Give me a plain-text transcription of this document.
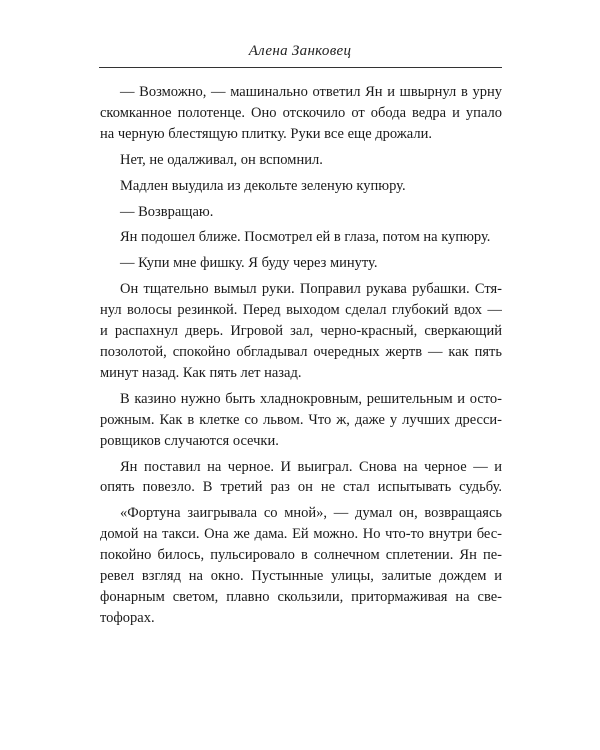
Алена Занковец

— Возможно, — машинально ответил Ян и швырнул в урну

скомканное полотенце. Оно отскочило от обода ведра и упало

на черную блестящую плитку. Руки все еще дрожали.

Нет, не одалживал, он вспомнил.

Мадлен выудила из декольте зеленую купюру.

— Возвращаю.

Ян подошел ближе. Посмотрел ей в глаза, потом на купюру.

— Купи мне фишку. Я буду через минуту.

Он тщательно вымыл руки. Поправил рукава рубашки. Стя-

нул волосы резинкой. Перед выходом сделал глубокий вдох —

и распахнул дверь. Игровой зал, черно-красный, сверкающий

позолотой, спокойно обгладывал очередных жертв — как пять

минут назад. Как пять лет назад.

В казино нужно быть хладнокровным, решительным и осто-

рожным. Как в клетке со львом. Что ж, даже у лучших дресси-

ровщиков случаются осечки.

Ян поставил на черное. И выиграл. Снова на черное — и

опять повезло. В третий раз он не стал испытывать судьбу.

«Фортуна заигрывала со мной», — думал он, возвращаясь

домой на такси. Она же дама. Ей можно. Но что-то внутри бес-

покойно билось, пульсировало в солнечном сплетении. Ян пе-

ревел взгляд на окно. Пустынные улицы, залитые дождем и

фонарным светом, плавно скользили, притормаживая на све-

тофорах.
